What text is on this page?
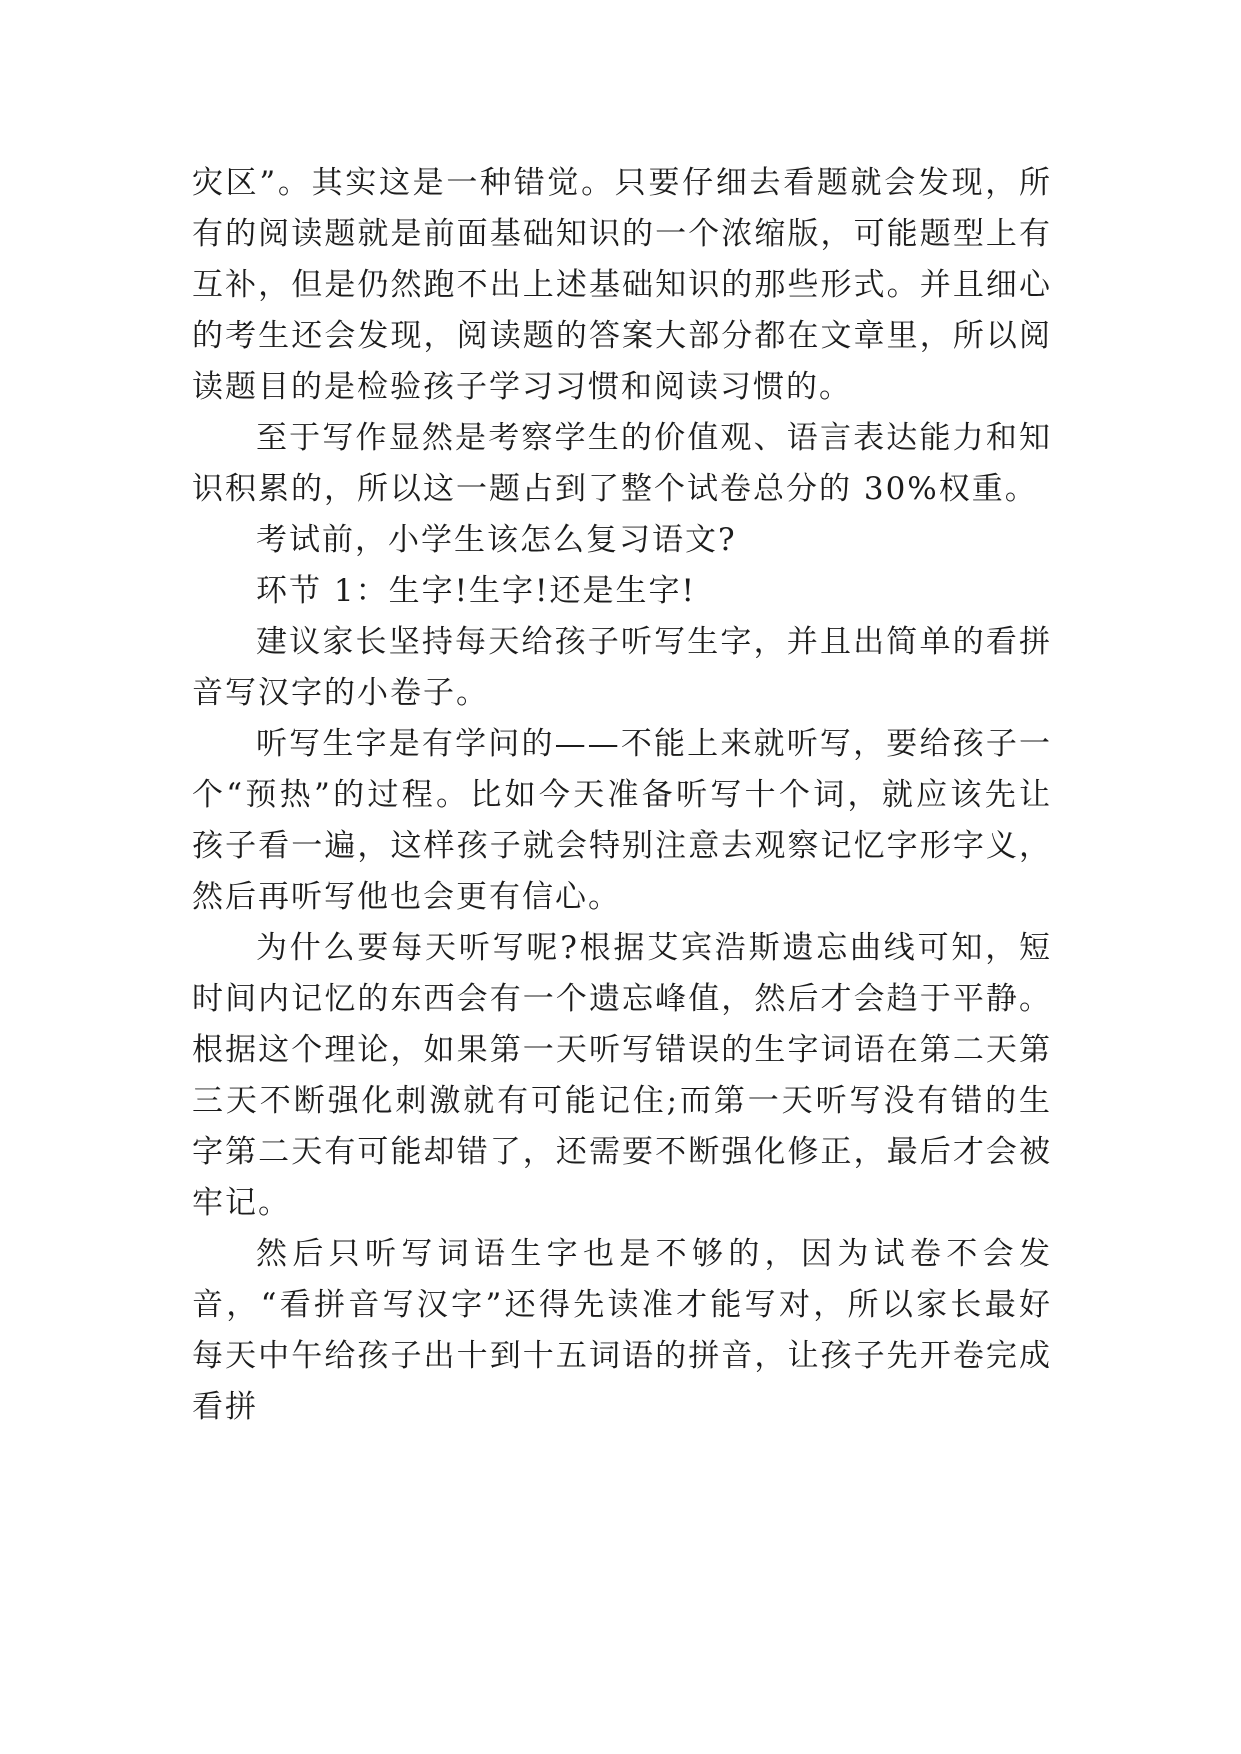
灾区”。其实这是一种错觉。只要仔细去看题就会发现，所有的阅读题就是前面基础知识的一个浓缩版，可能题型上有互补，但是仍然跑不出上述基础知识的那些形式。并且细心的考生还会发现，阅读题的答案大部分都在文章里，所以阅读题目的是检验孩子学习习惯和阅读习惯的。

至于写作显然是考察学生的价值观、语言表达能力和知识积累的，所以这一题占到了整个试卷总分的 30%权重。

考试前，小学生该怎么复习语文?

环节 1：生字!生字!还是生字!

建议家长坚持每天给孩子听写生字，并且出简单的看拼音写汉字的小卷子。

听写生字是有学问的——不能上来就听写，要给孩子一个“预热”的过程。比如今天准备听写十个词，就应该先让孩子看一遍，这样孩子就会特别注意去观察记忆字形字义，然后再听写他也会更有信心。

为什么要每天听写呢?根据艾宾浩斯遗忘曲线可知，短时间内记忆的东西会有一个遗忘峰值，然后才会趋于平静。根据这个理论，如果第一天听写错误的生字词语在第二天第三天不断强化刺激就有可能记住;而第一天听写没有错的生字第二天有可能却错了，还需要不断强化修正，最后才会被牢记。

然后只听写词语生字也是不够的，因为试卷不会发音，“看拼音写汉字”还得先读准才能写对，所以家长最好每天中午给孩子出十到十五词语的拼音，让孩子先开卷完成看拼
